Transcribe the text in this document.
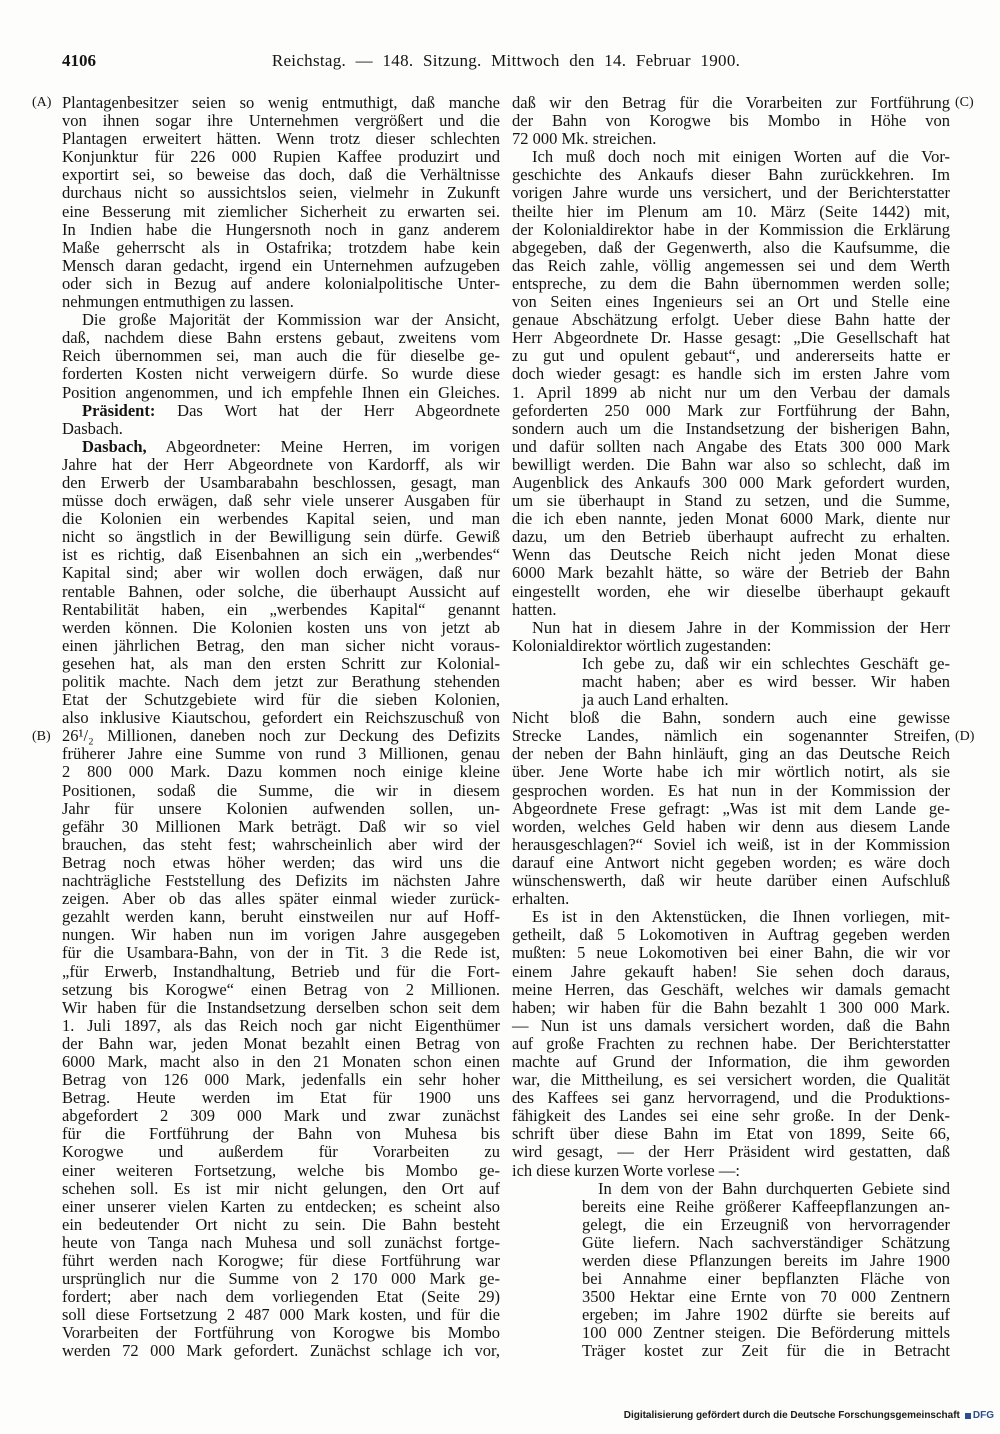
4106	Reichstag. — 148. Sitzung. Mittwoch den 14. Februar 1900.
(A)
(B)
(C)
(D)
Plantagenbesitzer seien so wenig entmuthigt, daß manche
von ihnen sogar ihre Unternehmen vergrößert und die
Plantagen erweitert hätten. Wenn trotz dieser schlechten
Konjunktur für 226 000 Rupien Kaffee produzirt und
exportirt sei, so beweise das doch, daß die Verhältnisse
durchaus nicht so aussichtslos seien, vielmehr in Zukunft
eine Besserung mit ziemlicher Sicherheit zu erwarten sei.
In Indien habe die Hungersnoth noch in ganz anderem
Maße geherrscht als in Ostafrika; trotzdem habe kein
Mensch daran gedacht, irgend ein Unternehmen aufzugeben
oder sich in Bezug auf andere kolonialpolitische Unter-
nehmungen entmuthigen zu lassen.
Die große Majorität der Kommission war der Ansicht,
daß, nachdem diese Bahn erstens gebaut, zweitens vom
Reich übernommen sei, man auch die für dieselbe ge-
forderten Kosten nicht verweigern dürfe. So wurde diese
Position angenommen, und ich empfehle Ihnen ein Gleiches.
Präsident: Das Wort hat der Herr Abgeordnete
Dasbach.
Dasbach, Abgeordneter: Meine Herren, im vorigen
Jahre hat der Herr Abgeordnete von Kardorff, als wir
den Erwerb der Usambarabahn beschlossen, gesagt, man
müsse doch erwägen, daß sehr viele unserer Ausgaben für
die Kolonien ein werbendes Kapital seien, und man
nicht so ängstlich in der Bewilligung sein dürfe. Gewiß
ist es richtig, daß Eisenbahnen an sich ein „werbendes“
Kapital sind; aber wir wollen doch erwägen, daß nur
rentable Bahnen, oder solche, die überhaupt Aussicht auf
Rentabilität haben, ein „werbendes Kapital“ genannt
werden können. Die Kolonien kosten uns von jetzt ab
einen jährlichen Betrag, den man sicher nicht voraus-
gesehen hat, als man den ersten Schritt zur Kolonial-
politik machte. Nach dem jetzt zur Berathung stehenden
Etat der Schutzgebiete wird für die sieben Kolonien,
also inklusive Kiautschou, gefordert ein Reichszuschuß von
26¹/₂ Millionen, daneben noch zur Deckung des Defizits
früherer Jahre eine Summe von rund 3 Millionen, genau
2 800 000 Mark. Dazu kommen noch einige kleine
Positionen, sodaß die Summe, die wir in diesem
Jahr für unsere Kolonien aufwenden sollen, un-
gefähr 30 Millionen Mark beträgt. Daß wir so viel
brauchen, das steht fest; wahrscheinlich aber wird der
Betrag noch etwas höher werden; das wird uns die
nachträgliche Feststellung des Defizits im nächsten Jahre
zeigen. Aber ob das alles später einmal wieder zurück-
gezahlt werden kann, beruht einstweilen nur auf Hoff-
nungen. Wir haben nun im vorigen Jahre ausgegeben
für die Usambara-Bahn, von der in Tit. 3 die Rede ist,
„für Erwerb, Instandhaltung, Betrieb und für die Fort-
setzung bis Korogwe“ einen Betrag von 2 Millionen.
Wir haben für die Instandsetzung derselben schon seit dem
1. Juli 1897, als das Reich noch gar nicht Eigenthümer
der Bahn war, jeden Monat bezahlt einen Betrag von
6000 Mark, macht also in den 21 Monaten schon einen
Betrag von 126 000 Mark, jedenfalls ein sehr hoher
Betrag. Heute werden im Etat für 1900 uns
abgefordert 2 309 000 Mark und zwar zunächst
für die Fortführung der Bahn von Muhesa bis
Korogwe und außerdem für Vorarbeiten zu
einer weiteren Fortsetzung, welche bis Mombo ge-
schehen soll. Es ist mir nicht gelungen, den Ort auf
einer unserer vielen Karten zu entdecken; es scheint also
ein bedeutender Ort nicht zu sein. Die Bahn besteht
heute von Tanga nach Muhesa und soll zunächst fortge-
führt werden nach Korogwe; für diese Fortführung war
ursprünglich nur die Summe von 2 170 000 Mark ge-
fordert; aber nach dem vorliegenden Etat (Seite 29)
soll diese Fortsetzung 2 487 000 Mark kosten, und für die
Vorarbeiten der Fortführung von Korogwe bis Mombo
werden 72 000 Mark gefordert. Zunächst schlage ich vor,
daß wir den Betrag für die Vorarbeiten zur Fortführung
der Bahn von Korogwe bis Mombo in Höhe von
72 000 Mk. streichen.
Ich muß doch noch mit einigen Worten auf die Vor-
geschichte des Ankaufs dieser Bahn zurückkehren. Im
vorigen Jahre wurde uns versichert, und der Berichterstatter
theilte hier im Plenum am 10. März (Seite 1442) mit,
der Kolonialdirektor habe in der Kommission die Erklärung
abgegeben, daß der Gegenwerth, also die Kaufsumme, die
das Reich zahle, völlig angemessen sei und dem Werth
entspreche, zu dem die Bahn übernommen werden solle;
von Seiten eines Ingenieurs sei an Ort und Stelle eine
genaue Abschätzung erfolgt. Ueber diese Bahn hatte der
Herr Abgeordnete Dr. Hasse gesagt: „Die Gesellschaft hat
zu gut und opulent gebaut“, und andererseits hatte er
doch wieder gesagt: es handle sich im ersten Jahre vom
1. April 1899 ab nicht nur um den Verbau der damals
geforderten 250 000 Mark zur Fortführung der Bahn,
sondern auch um die Instandsetzung der bisherigen Bahn,
und dafür sollten nach Angabe des Etats 300 000 Mark
bewilligt werden. Die Bahn war also so schlecht, daß im
Augenblick des Ankaufs 300 000 Mark gefordert wurden,
um sie überhaupt in Stand zu setzen, und die Summe,
die ich eben nannte, jeden Monat 6000 Mark, diente nur
dazu, um den Betrieb überhaupt aufrecht zu erhalten.
Wenn das Deutsche Reich nicht jeden Monat diese
6000 Mark bezahlt hätte, so wäre der Betrieb der Bahn
eingestellt worden, ehe wir dieselbe überhaupt gekauft
hatten.
Nun hat in diesem Jahre in der Kommission der Herr
Kolonialdirektor wörtlich zugestanden:
Ich gebe zu, daß wir ein schlechtes Geschäft ge-
macht haben; aber es wird besser. Wir haben
ja auch Land erhalten.
Nicht bloß die Bahn, sondern auch eine gewisse
Strecke Landes, nämlich ein sogenannter Streifen,
der neben der Bahn hinläuft, ging an das Deutsche Reich
über. Jene Worte habe ich mir wörtlich notirt, als sie
gesprochen worden. Es hat nun in der Kommission der
Abgeordnete Frese gefragt: „Was ist mit dem Lande ge-
worden, welches Geld haben wir denn aus diesem Lande
herausgeschlagen?“ Soviel ich weiß, ist in der Kommission
darauf eine Antwort nicht gegeben worden; es wäre doch
wünschenswerth, daß wir heute darüber einen Aufschluß
erhalten.
Es ist in den Aktenstücken, die Ihnen vorliegen, mit-
getheilt, daß 5 Lokomotiven in Auftrag gegeben werden
mußten: 5 neue Lokomotiven bei einer Bahn, die wir vor
einem Jahre gekauft haben! Sie sehen doch daraus,
meine Herren, das Geschäft, welches wir damals gemacht
haben; wir haben für die Bahn bezahlt 1 300 000 Mark.
— Nun ist uns damals versichert worden, daß die Bahn
auf große Frachten zu rechnen habe. Der Berichterstatter
machte auf Grund der Information, die ihm geworden
war, die Mittheilung, es sei versichert worden, die Qualität
des Kaffees sei ganz hervorragend, und die Produktions-
fähigkeit des Landes sei eine sehr große. In der Denk-
schrift über diese Bahn im Etat von 1899, Seite 66,
wird gesagt, — der Herr Präsident wird gestatten, daß
ich diese kurzen Worte vorlese —:
In dem von der Bahn durchquerten Gebiete sind
bereits eine Reihe größerer Kaffeepflanzungen an-
gelegt, die ein Erzeugniß von hervorragender
Güte liefern. Nach sachverständiger Schätzung
werden diese Pflanzungen bereits im Jahre 1900
bei Annahme einer bepflanzten Fläche von
3500 Hektar eine Ernte von 70 000 Zentnern
ergeben; im Jahre 1902 dürfte sie bereits auf
100 000 Zentner steigen. Die Beförderung mittels
Träger kostet zur Zeit für die in Betracht
Digitalisierung gefördert durch die Deutsche Forschungsgemeinschaft DFG
